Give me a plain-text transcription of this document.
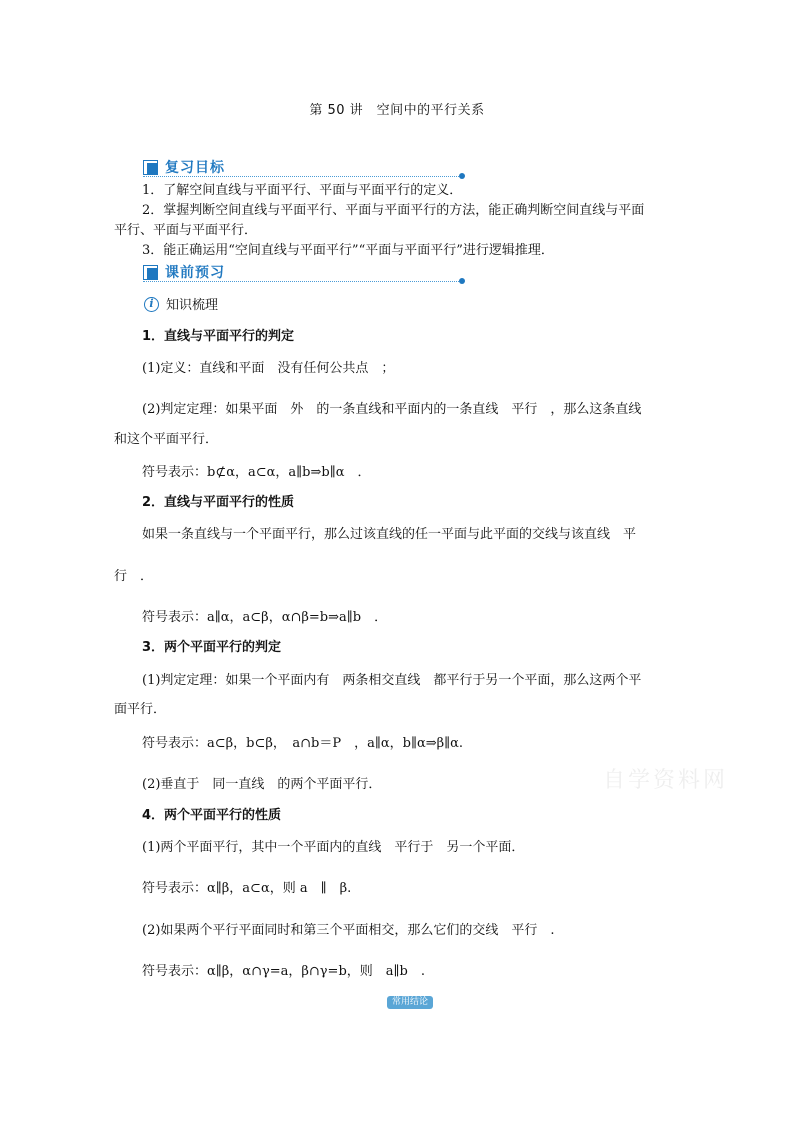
第 50 讲　空间中的平行关系
复习目标
1．了解空间直线与平面平行、平面与平面平行的定义．
2．掌握判断空间直线与平面平行、平面与平面平行的方法，能正确判断空间直线与平面
平行、平面与平面平行．
3．能正确运用“空间直线与平面平行”“平面与平面平行”进行逻辑推理．
课前预习
i 知识梳理
1．直线与平面平行的判定
(1)定义：直线和平面　没有任何公共点　；
(2)判定定理：如果平面　外　的一条直线和平面内的一条直线　平行　，那么这条直线
和这个平面平行．
符号表示：b⊄α，a⊂α，a∥b⇒b∥α　．
2．直线与平面平行的性质
如果一条直线与一个平面平行，那么过该直线的任一平面与此平面的交线与该直线　平
行　．
符号表示：a∥α，a⊂β，α∩β=b⇒a∥b　．
3．两个平面平行的判定
(1)判定定理：如果一个平面内有　两条相交直线　都平行于另一个平面，那么这两个平
面平行．
符号表示：a⊂β，b⊂β，　a∩b＝P　，a∥α，b∥α⇒β∥α.
(2)垂直于　同一直线　的两个平面平行．
4．两个平面平行的性质
(1)两个平面平行，其中一个平面内的直线　平行于　另一个平面．
符号表示：α∥β，a⊂α，则 a　∥　β.
(2)如果两个平行平面同时和第三个平面相交，那么它们的交线　平行　.
符号表示：α∥β，α∩γ=a，β∩γ=b，则　a∥b　.
自学资料网
常用结论
